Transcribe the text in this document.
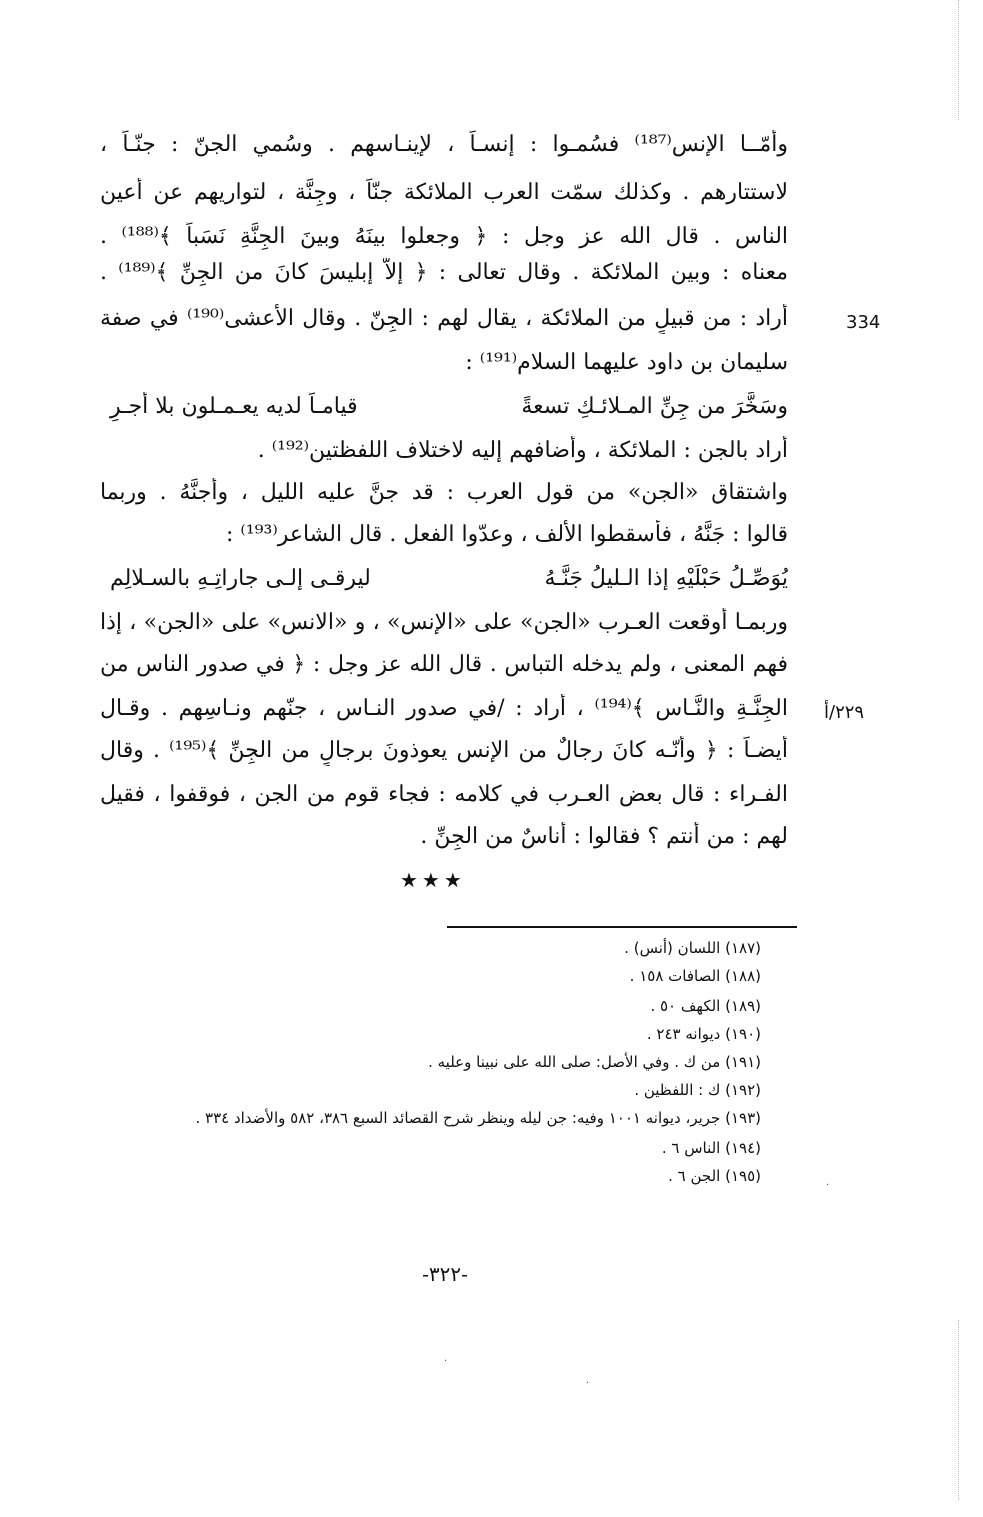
وأمّــا الإنس⁽¹⁸⁷⁾ فسُمـوا : إنسـاً ، لإينـاسهم . وسُمي الجنّ : جنّـاً ،
لاستتارهم . وكذلك سمّت العرب الملائكة جنّاً ، وجِنَّة ، لتواريهم عن أعين
الناس . قال الله عز وجل : ﴿ وجعلوا بينَهُ وبينَ الجِنَّةِ نَسَباً ﴾⁽¹⁸⁸⁾ .
معناه : وبين الملائكة . وقال تعالى : ﴿ إلاّ إبليسَ كانَ من الجِنِّ ﴾⁽¹⁸⁹⁾ .
أراد : من قبيلٍ من الملائكة ، يقال لهم : الجِنّ . وقال الأعشى⁽¹⁹⁰⁾ في صفة
سليمان بن داود عليهما السلام⁽¹⁹¹⁾ :
وسَخَّرَ من جِنِّ المـلائـكِ تسعةً
قيامـاً لديه يعـمـلون بلا أجـرِ
أراد بالجن : الملائكة ، وأضافهم إليه لاختلاف اللفظتين⁽¹⁹²⁾ .
واشتقاق «الجن» من قول العرب : قد جنَّ عليه الليل ، وأجنَّهُ . وربما
قالوا : جَنَّهُ ، فأسقطوا الألف ، وعدّوا الفعل . قال الشاعر⁽¹⁹³⁾ :
يُوَصِّـلُ حَبْلَيْهِ إذا الـليلُ جَنَّـهُ
ليرقـى إلـى جاراتِـهِ بالسـلالِم
وربمـا أوقعت العـرب «الجن» على «الإنس» ، و «الانس» على «الجن» ، إذا
فهم المعنى ، ولم يدخله التباس . قال الله عز وجل : ﴿ في صدور الناس من
الجِنَّـةِ والنَّـاس ﴾⁽¹⁹⁴⁾ ، أراد : /في صدور النـاس ، جنّهم ونـاسِهم . وقـال
أيضـاً : ﴿ وأنّـه كانَ رجالٌ من الإنس يعوذونَ برجالٍ من الجِنِّ ﴾⁽¹⁹⁵⁾ . وقال
الفـراء : قال بعض العـرب في كلامه : فجاء قوم من الجن ، فوقفوا ، فقيل
لهم : من أنتم ؟ فقالوا : أُناسٌ من الجِنِّ .
334
٢٢٩/أ
★★★
(١٨٧) اللسان (أنس) .
(١٨٨) الصافات ١٥٨ .
(١٨٩) الكهف ٥٠ .
(١٩٠) ديوانه ٢٤٣ .
(١٩١) من ك . وفي الأصل: صلى الله على نبينا وعليه .
(١٩٢) ك : اللفظين .
(١٩٣) جرير، ديوانه ١٠٠١ وفيه: جن ليله وينظر شرح القصائد السبع ٣٨٦، ٥٨٢ والأضداد ٣٣٤ .
(١٩٤) الناس ٦ .
(١٩٥) الجن ٦ .
-٣٢٢-
·
·
·
